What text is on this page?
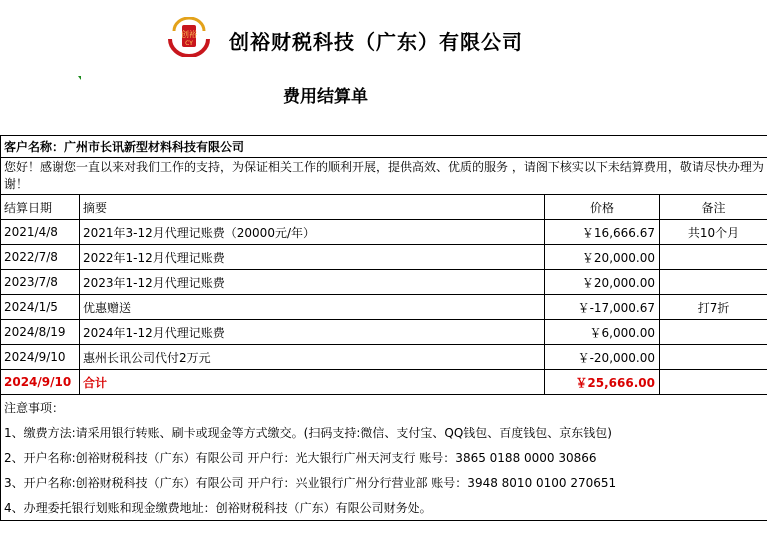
创裕
CY 创裕财税科技（广东）有限公司
费用结算单
客户名称：广州市长讯新型材料科技有限公司			
您好！感谢您一直以来对我们工作的支持，为保证相关工作的顺利开展，提供高效、优质的服务 ，请阁下核实以下未结算费用，敬请尽快办理为谢！			
结算日期	摘要	价格	备注
2021/4/8	2021年3-12月代理记账费（20000元/年）	￥16,666.67	共10个月
2022/7/8	2022年1-12月代理记账费	￥20,000.00	
2023/7/8	2023年1-12月代理记账费	￥20,000.00	
2024/1/5	优惠赠送	￥-17,000.67	打7折
2024/8/19	2024年1-12月代理记账费	￥6,000.00	
2024/9/10	惠州长讯公司代付2万元	￥-20,000.00	
2024/9/10	合计	￥25,666.00	
注意事项：			
1、缴费方法:请采用银行转账、刷卡或现金等方式缴交。(扫码支持:微信、支付宝、QQ钱包、百度钱包、京东钱包)			
2、开户名称:创裕财税科技（广东）有限公司 开户行：光大银行广州天河支行 账号：3865 0188 0000 30866			
3、开户名称:创裕财税科技（广东）有限公司 开户行：兴业银行广州分行营业部 账号：3948 8010 0100 270651			
4、办理委托银行划账和现金缴费地址：创裕财税科技（广东）有限公司财务处。			
